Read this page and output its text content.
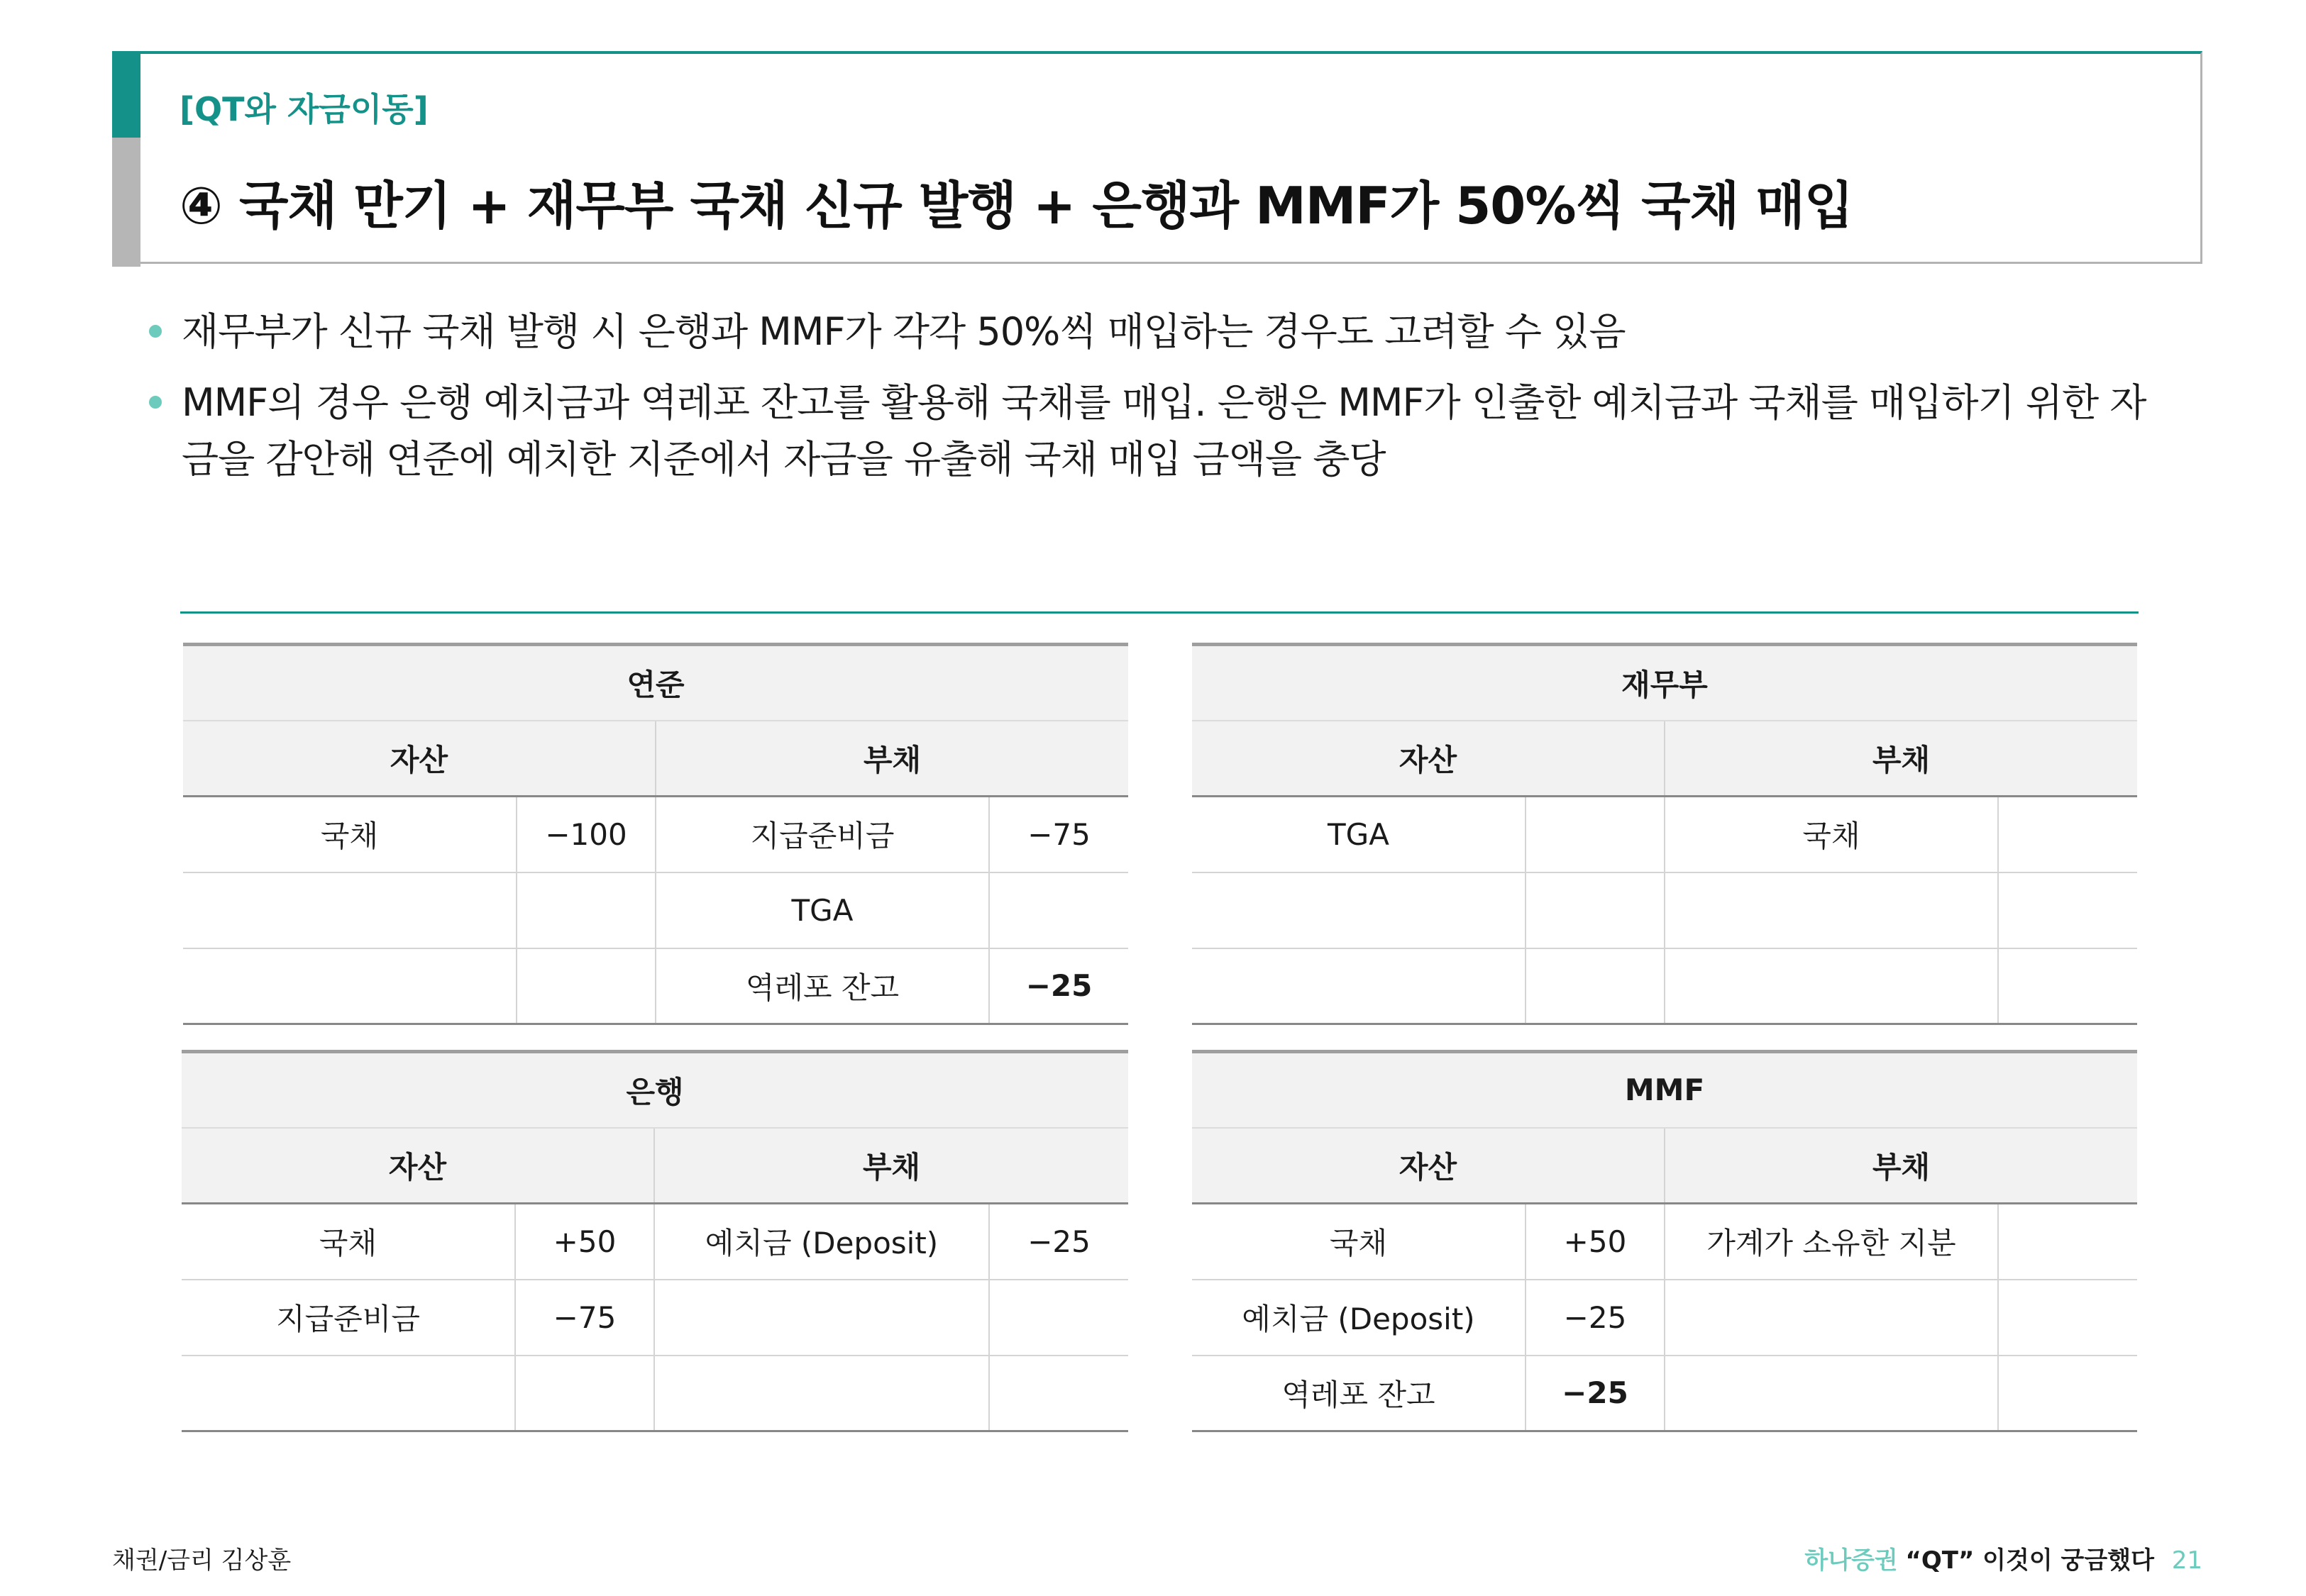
[QT와 자금이동]
④ 국채 만기 + 재무부 국채 신규 발행 + 은행과 MMF가 50%씩 국채 매입
재무부가 신규 국채 발행 시 은행과 MMF가 각각 50%씩 매입하는 경우도 고려할 수 있음
MMF의 경우 은행 예치금과 역레포 잔고를 활용해 국채를 매입. 은행은 MMF가 인출한 예치금과 국채를 매입하기 위한 자금을 감안해 연준에 예치한 지준에서 자금을 유출해 국채 매입 금액을 충당
연준			
자산		부채	
국채	−100	지급준비금	−75
		TGA	
		역레포 잔고	−25
재무부			
자산		부채	
TGA		국채	

은행			
자산		부채	
국채	+50	예치금 (Deposit)	−25
지급준비금	−75		

MMF			
자산		부채	
국채	+50	가계가 소유한 지분	
예치금 (Deposit)	−25		
역레포 잔고	−25		
채권/금리 김상훈	하나증권 “QT” 이것이 궁금했다 21
